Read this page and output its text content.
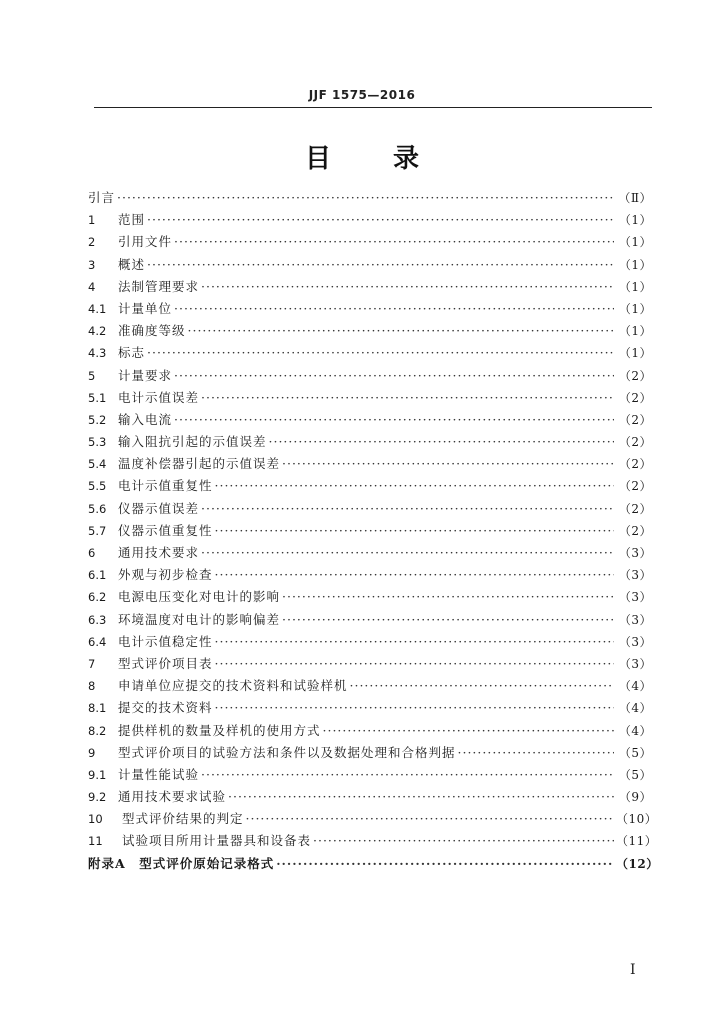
JJF 1575—2016
目录
引言 ·····	（Ⅱ）
1	范围 ·····	（1）
2	引用文件 ·····	（1）
3	概述 ·····	（1）
4	法制管理要求 ·····	（1）
4.1 计量单位 ·····	（1）
4.2 准确度等级 ·····	（1）
4.3 标志 ·····	（1）
5	计量要求 ·····	（2）
5.1 电计示值误差 ·····	（2）
5.2 输入电流 ·····	（2）
5.3 输入阻抗引起的示值误差 ·····	（2）
5.4 温度补偿器引起的示值误差 ·····	（2）
5.5 电计示值重复性 ·····	（2）
5.6 仪器示值误差 ·····	（2）
5.7 仪器示值重复性 ·····	（2）
6	通用技术要求 ·····	（3）
6.1 外观与初步检查 ·····	（3）
6.2 电源电压变化对电计的影响 ·····	（3）
6.3 环境温度对电计的影响偏差 ·····	（3）
6.4 电计示值稳定性 ·····	（3）
7	型式评价项目表 ·····	（3）
8	申请单位应提交的技术资料和试验样机 ·····	（4）
8.1 提交的技术资料 ·····	（4）
8.2 提供样机的数量及样机的使用方式 ·····	（4）
9	型式评价项目的试验方法和条件以及数据处理和合格判据 ·····	（5）
9.1 计量性能试验 ·····	（5）
9.2 通用技术要求试验 ·····	（9）
10	型式评价结果的判定 ·····	（10）
11	试验项目所用计量器具和设备表 ·····	（11）
附录A　型式评价原始记录格式 ·····	（12）
I
